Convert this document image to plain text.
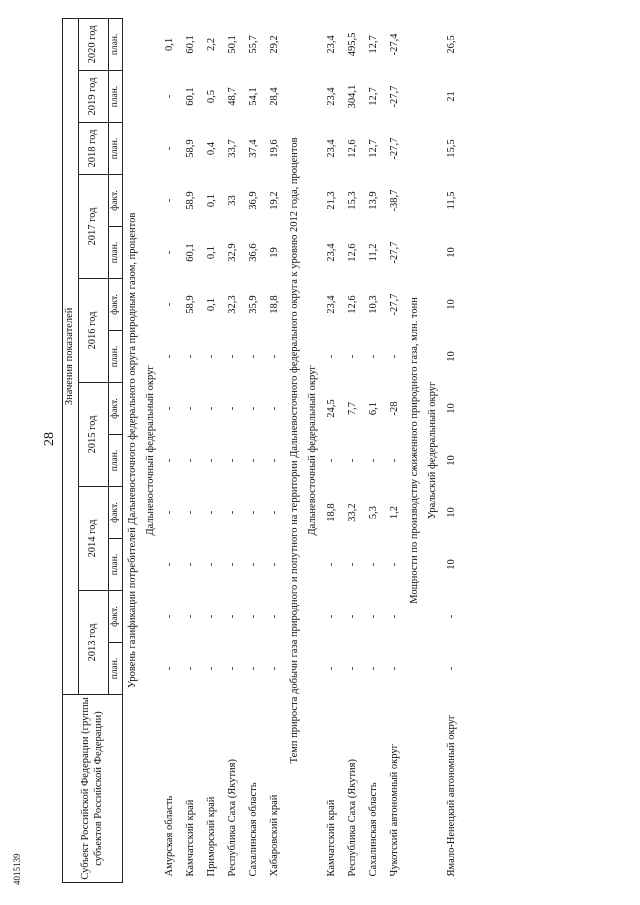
28
4015139	Субъект Российской Федерации (группы субъектов Российской Федерации)	Значения показателей												
	2013 год		2014 год		2015 год		2016 год		2017 год		2018 год	2019 год	2020 год
	план.	факт.	план.	факт.	план.	факт.	план.	факт.	план.	факт.	план.	план.	план.
Уровень газификации потребителей Дальневосточного федерального округа природным газом, процентов													
Дальневосточный федеральный округ													
Амурская область	-	-	-	-	-	-	-	-	-	-	-	-	0,1
Камчатский край	-	-	-	-	-	-	-	58,9	60,1	58,9	58,9	60,1	60,1
Приморский край	-	-	-	-	-	-	-	0,1	0,1	0,1	0,4	0,5	2,2
Республика Саха (Якутия)	-	-	-	-	-	-	-	32,3	32,9	33	33,7	48,7	50,1
Сахалинская область	-	-	-	-	-	-	-	35,9	36,6	36,9	37,4	54,1	55,7
Хабаровский край	-	-	-	-	-	-	-	18,8	19	19,2	19,6	28,4	29,2
Темп прироста добычи газа природного и попутного на территории Дальневосточного федерального округа к уровню 2012 года, процентов													
Дальневосточный федеральный округ													
Камчатский край	-	-	-	18,8	-	24,5	-	23,4	23,4	21,3	23,4	23,4	23,4
Республика Саха (Якутия)	-	-	-	33,2	-	7,7	-	12,6	12,6	15,3	12,6	304,1	495,5
Сахалинская область	-	-	-	5,3	-	6,1	-	10,3	11,2	13,9	12,7	12,7	12,7
Чукотский автономный округ	-	-	-	1,2	-	-28	-	-27,7	-27,7	-38,7	-27,7	-27,7	-27,4
Мощности по производству сжиженного природного газа, млн. тонн													
Уральский федеральный округ													
Ямало-Ненецкий автономный округ	-	-	10	10	10	10	10	10	10	11,5	15,5	21	26,5
